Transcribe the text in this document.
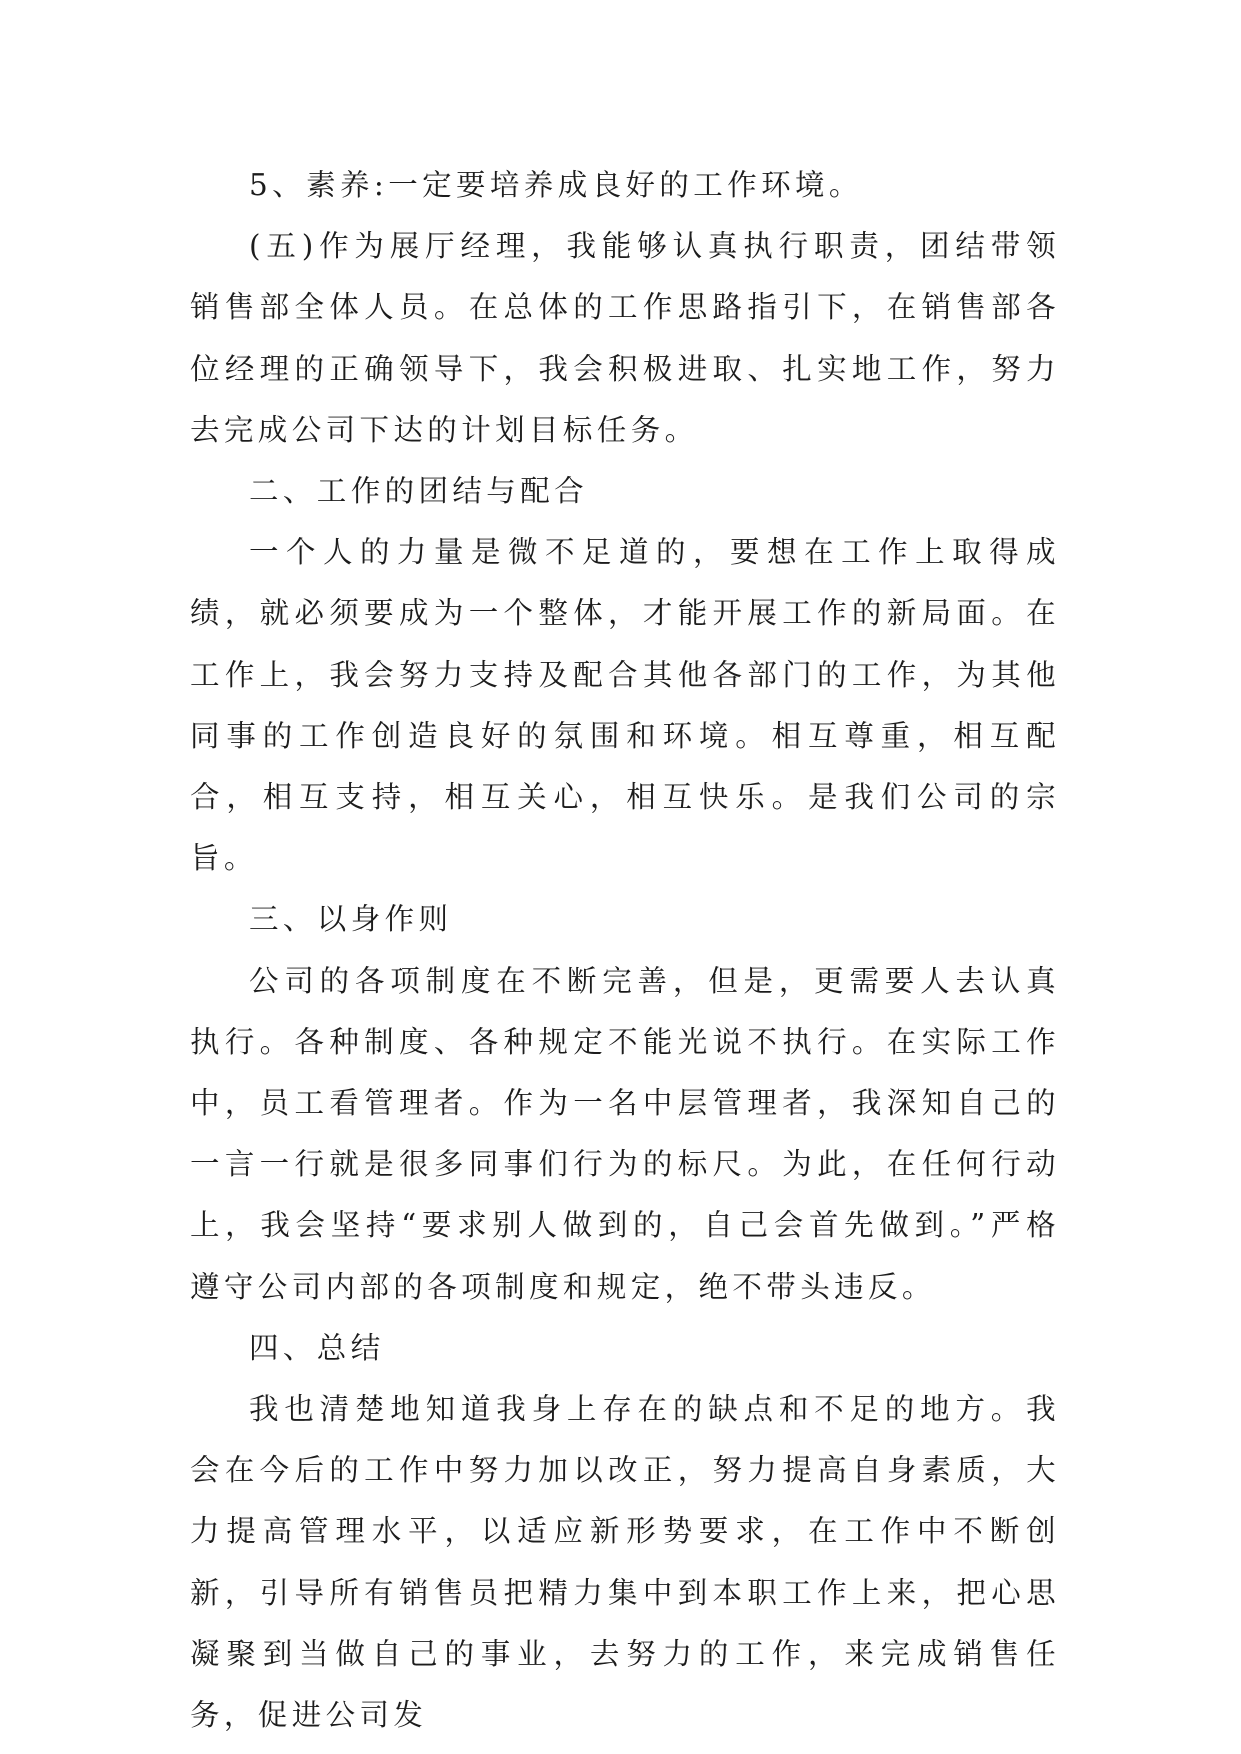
5、素养:一定要培养成良好的工作环境。

(五)作为展厅经理，我能够认真执行职责，团结带领销售部全体人员。在总体的工作思路指引下，在销售部各位经理的正确领导下，我会积极进取、扎实地工作，努力去完成公司下达的计划目标任务。

二、工作的团结与配合

一个人的力量是微不足道的，要想在工作上取得成绩，就必须要成为一个整体，才能开展工作的新局面。在工作上，我会努力支持及配合其他各部门的工作，为其他同事的工作创造良好的氛围和环境。相互尊重，相互配合，相互支持，相互关心，相互快乐。是我们公司的宗旨。

三、以身作则

公司的各项制度在不断完善，但是，更需要人去认真执行。各种制度、各种规定不能光说不执行。在实际工作中，员工看管理者。作为一名中层管理者，我深知自己的一言一行就是很多同事们行为的标尺。为此，在任何行动上，我会坚持“要求别人做到的，自己会首先做到。”严格遵守公司内部的各项制度和规定，绝不带头违反。

四、总结

我也清楚地知道我身上存在的缺点和不足的地方。我会在今后的工作中努力加以改正，努力提高自身素质，大力提高管理水平，以适应新形势要求，在工作中不断创新，引导所有销售员把精力集中到本职工作上来，把心思凝聚到当做自己的事业，去努力的工作，来完成销售任务，促进公司发
